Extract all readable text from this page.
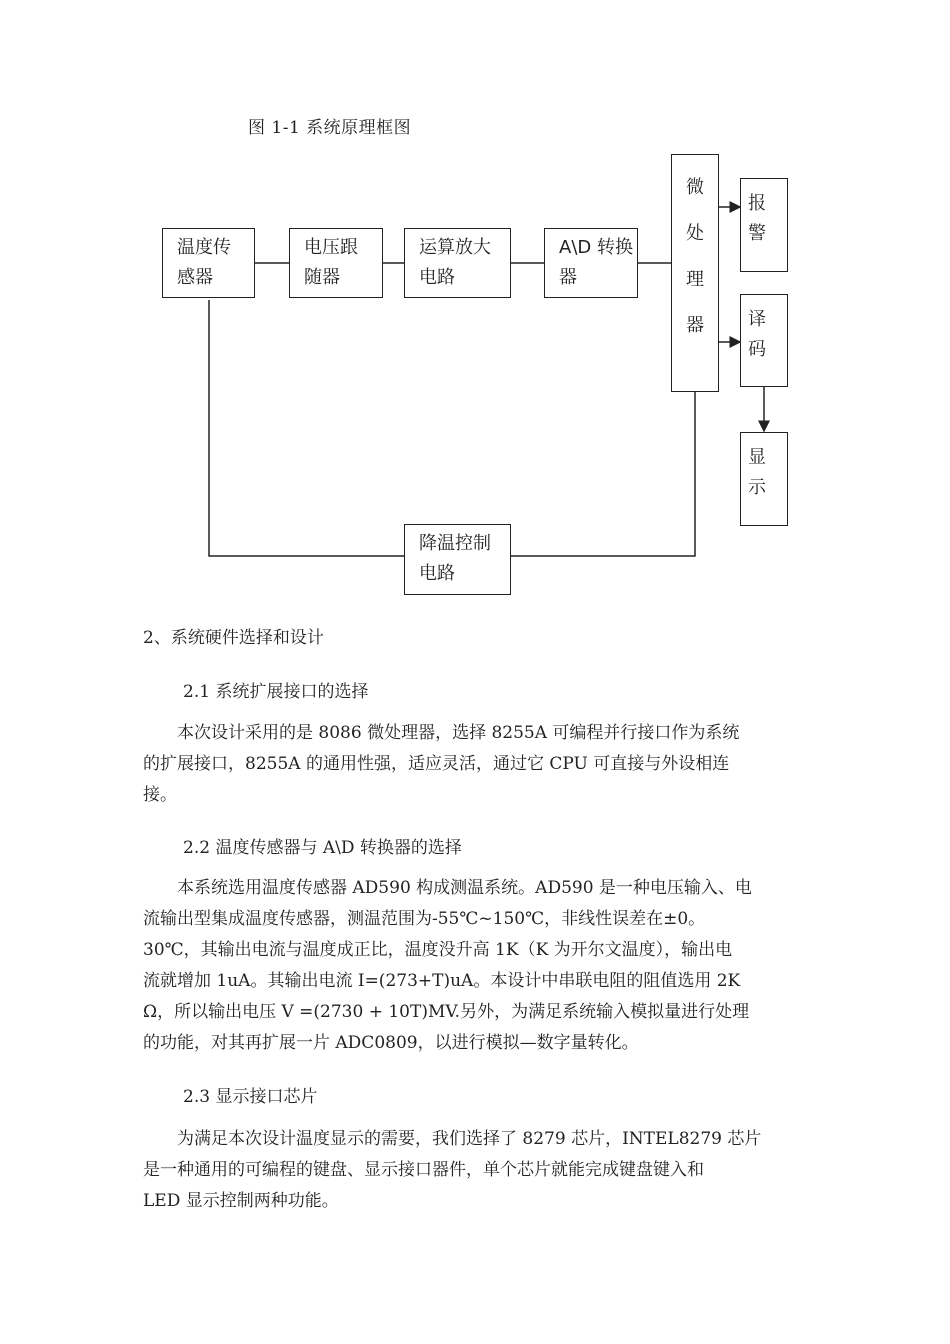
图 1-1 系统原理框图
温度传
感器
电压跟
随器
运算放大
电路
A\D 转换
器
微
处
理
器
报
警
译
码
显
示
降温控制
电路
2、系统硬件选择和设计
2.1 系统扩展接口的选择

　　本次设计采用的是 8086 微处理器，选择 8255A 可编程并行接口作为系统

的扩展接口，8255A 的通用性强，适应灵活，通过它 CPU 可直接与外设相连

接。

2.2 温度传感器与 A\D 转换器的选择

　　本系统选用温度传感器 AD590 构成测温系统。AD590 是一种电压输入、电

流输出型集成温度传感器，测温范围为-55℃~150℃，非线性误差在±0。

30℃，其输出电流与温度成正比，温度没升高 1K（K 为开尔文温度），输出电

流就增加 1uA。其输出电流 I=(273+T)uA。本设计中串联电阻的阻值选用 2K

Ω，所以输出电压 V =(2730 + 10T)MV.另外，为满足系统输入模拟量进行处理

的功能，对其再扩展一片 ADC0809，以进行模拟—数字量转化。

2.3 显示接口芯片

　　为满足本次设计温度显示的需要，我们选择了 8279 芯片，INTEL8279 芯片

是一种通用的可编程的键盘、显示接口器件，单个芯片就能完成键盘键入和

LED 显示控制两种功能。
